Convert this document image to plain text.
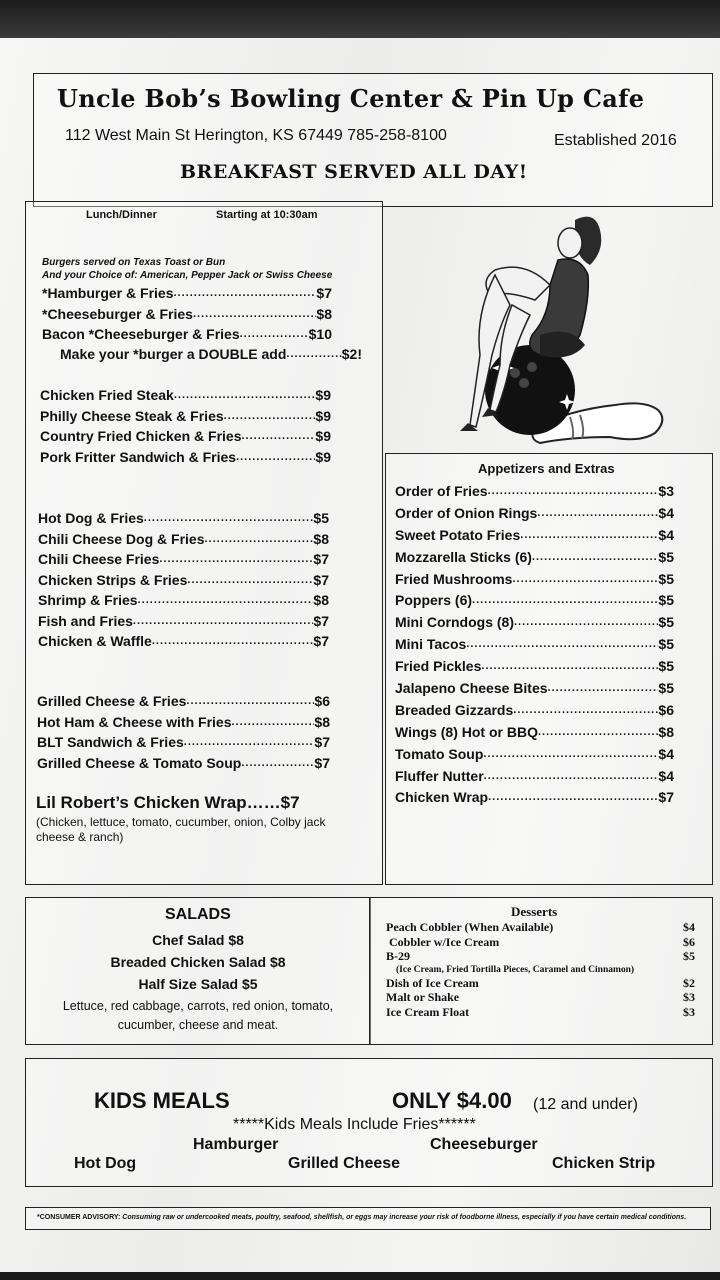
Uncle Bob’s Bowling Center & Pin Up Cafe
112 West Main St Herington, KS 67449 785-258-8100	Established 2016
BREAKFAST SERVED ALL DAY!
Lunch/Dinner	Starting at 10:30am
Burgers served on Texas Toast or Bun
And your Choice of: American, Pepper Jack or Swiss Cheese
*Hamburger & Fries .....	$7
*Cheeseburger & Fries .....	$8
Bacon *Cheeseburger & Fries .....	$10
Make your *burger a DOUBLE add .....	$2!
Chicken Fried Steak .....	$9
Philly Cheese Steak & Fries .....	$9
Country Fried Chicken & Fries .....	$9
Pork Fritter Sandwich & Fries .....	$9
Hot Dog & Fries .....	$5
Chili Cheese Dog & Fries .....	$8
Chili Cheese Fries .....	$7
Chicken Strips & Fries .....	$7
Shrimp & Fries .....	$8
Fish and Fries .....	$7
Chicken & Waffle .....	$7
Grilled Cheese & Fries .....	$6
Hot Ham & Cheese with Fries .....	$8
BLT Sandwich & Fries .....	$7
Grilled Cheese & Tomato Soup .....	$7
Lil Robert’s Chicken Wrap……$7
(Chicken, lettuce, tomato, cucumber, onion, Colby jack cheese & ranch)
Appetizers and Extras
Order of Fries .....	$3
Order of Onion Rings .....	$4
Sweet Potato Fries .....	$4
Mozzarella Sticks (6) .....	$5
Fried Mushrooms .....	$5
Poppers (6) .....	$5
Mini Corndogs (8) .....	$5
Mini Tacos .....	$5
Fried Pickles .....	$5
Jalapeno Cheese Bites .....	$5
Breaded Gizzards .....	$6
Wings (8) Hot or BBQ .....	$8
Tomato Soup .....	$4
Fluffer Nutter .....	$4
Chicken Wrap .....	$7
SALADS
Chef Salad $8
Breaded Chicken Salad $8
Half Size Salad $5
Lettuce, red cabbage, carrots, red onion, tomato, cucumber, cheese and meat.
Desserts
Peach Cobbler (When Available)	$4
Cobbler w/Ice Cream	$6
B-29	$5
(Ice Cream, Fried Tortilla Pieces, Caramel and Cinnamon)
Dish of Ice Cream	$2
Malt or Shake	$3
Ice Cream Float	$3
KIDS MEALS	ONLY $4.00 (12 and under)
*****Kids Meals Include Fries******
Hamburger	Cheeseburger
Hot Dog	Grilled Cheese	Chicken Strip
*CONSUMER ADVISORY: Consuming raw or undercooked meats, poultry, seafood, shellfish, or eggs may increase your risk of foodborne illness, especially if you have certain medical conditions.
